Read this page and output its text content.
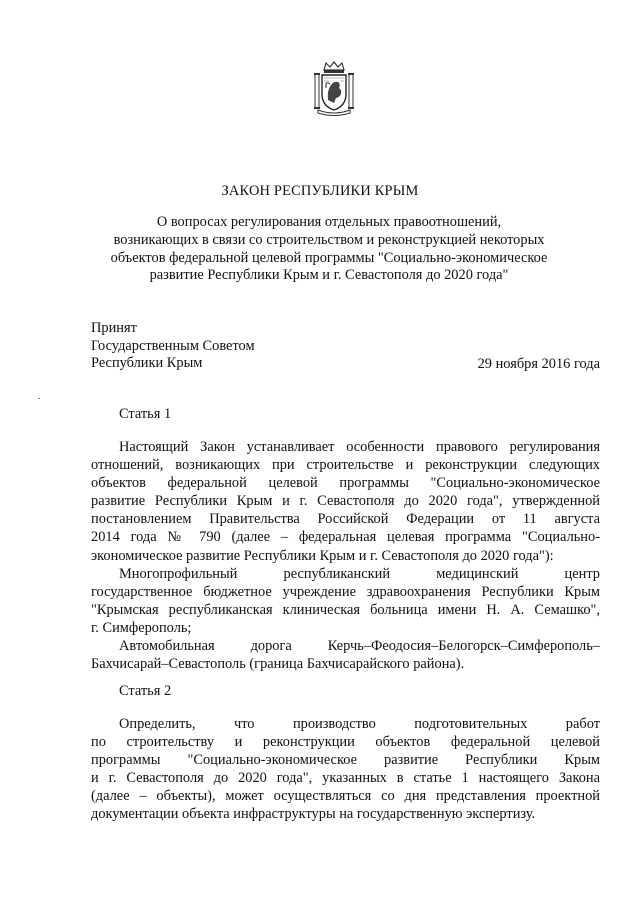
ЗАКОН РЕСПУБЛИКИ КРЫМ
О вопросах регулирования отдельных правоотношений,
возникающих в связи со строительством и реконструкцией некоторых
объектов федеральной целевой программы "Социально-экономическое
развитие Республики Крым и г. Севастополя до 2020 года"
Принят
Государственным Советом
Республики Крым	29 ноября 2016 года
Статья 1
Настоящий Закон устанавливает особенности правового регулирования
отношений, возникающих при строительстве и реконструкции следующих
объектов федеральной целевой программы "Социально-экономическое
развитие Республики Крым и г. Севастополя до 2020 года", утвержденной
постановлением Правительства Российской Федерации от 11 августа
2014 года № 790 (далее – федеральная целевая программа "Социально-
экономическое развитие Республики Крым и г. Севастополя до 2020 года"):
Многопрофильный республиканский медицинский центр
государственное бюджетное учреждение здравоохранения Республики Крым
"Крымская республиканская клиническая больница имени Н. А. Семашко",
г. Симферополь;
Автомобильная дорога Керчь–Феодосия–Белогорск–Симферополь–
Бахчисарай–Севастополь (граница Бахчисарайского района).
Статья 2
Определить, что производство подготовительных работ
по строительству и реконструкции объектов федеральной целевой
программы "Социально-экономическое развитие Республики Крым
и г. Севастополя до 2020 года", указанных в статье 1 настоящего Закона
(далее – объекты), может осуществляться со дня представления проектной
документации объекта инфраструктуры на государственную экспертизу.
